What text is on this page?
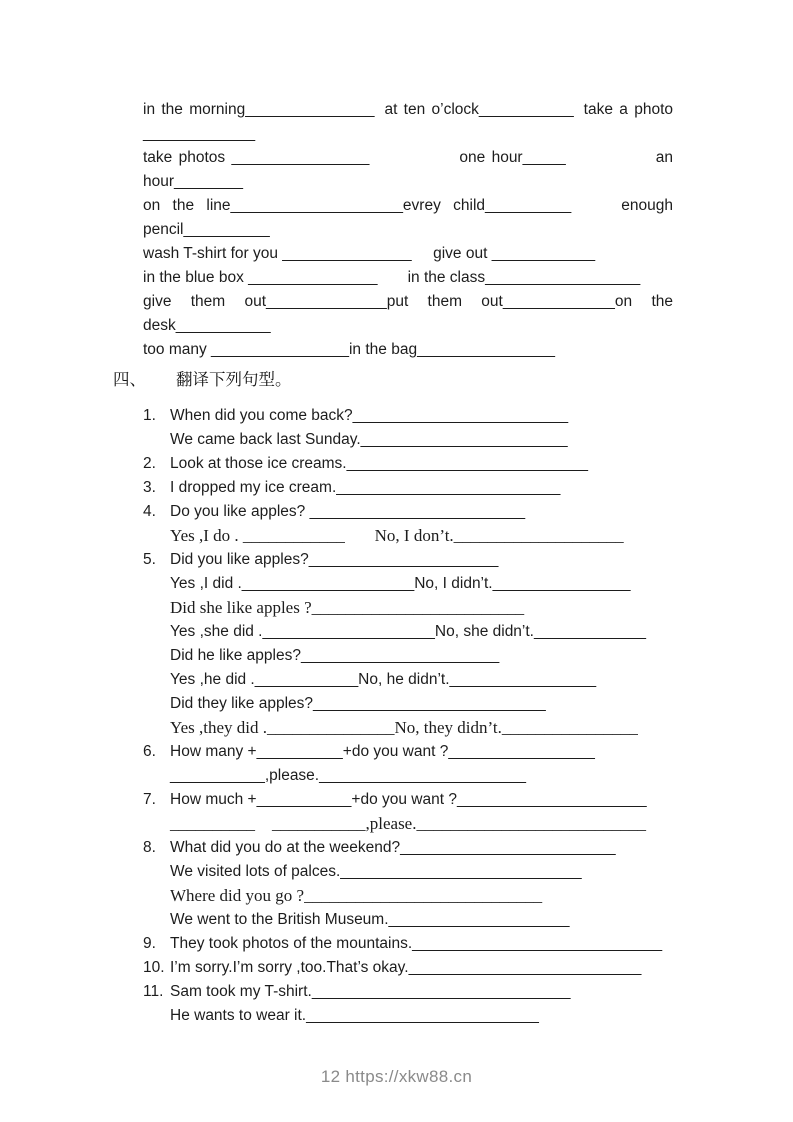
in the morning_______________ at ten o’clock___________ take a photo
_____________
take photos ________________	one hour_____	an
hour________
on the line____________________evrey child__________	enough
pencil__________
wash T-shirt for you _______________     give out ____________
in the blue box _______________       in the class__________________
give them out______________put them out_____________on the
desk___________
too many ________________in the bag________________
四、	翻译下列句型。
1. When did you come back?_________________________
We came back last Sunday.________________________
2. Look at those ice creams.____________________________
3. I dropped my ice cream.__________________________
4. Do you like apples? _________________________
Yes ,I do . ____________       No, I don’t.____________________
5. Did you like apples?______________________
Yes ,I did .____________________No, I didn’t.________________
Did she like apples ?_________________________
Yes ,she did .____________________No, she didn’t._____________
Did he like apples?_______________________
Yes ,he did .____________No, he didn’t._________________
Did they like apples?___________________________
Yes ,they did ._______________No, they didn’t.________________
6. How many +__________+do you want ?_________________
___________,please.________________________
7. How much +___________+do you want ?______________________
__________    ___________,please.___________________________
8. What did you do at the weekend?_________________________
We visited lots of palces.____________________________
Where did you go ?____________________________
We went to the British Museum._____________________
9. They took photos of the mountains._____________________________
10. I’m sorry.I’m sorry ,too.That’s okay.___________________________
11. Sam took my T-shirt.______________________________
He wants to wear it.___________________________
12 https://xkw88.cn
